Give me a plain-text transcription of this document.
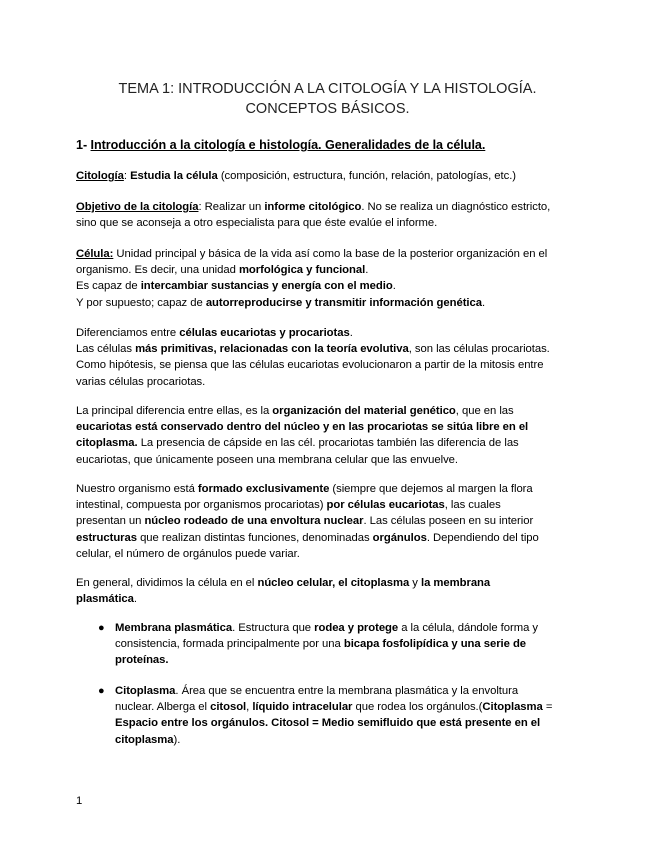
TEMA 1: INTRODUCCIÓN A LA CITOLOGÍA Y LA HISTOLOGÍA.
CONCEPTOS BÁSICOS.
1- Introducción a la citología e histología. Generalidades de la célula.
Citología: Estudia la célula (composición, estructura, función, relación, patologías, etc.)
Objetivo de la citología: Realizar un informe citológico. No se realiza un diagnóstico estricto,
sino que se aconseja a otro especialista para que éste evalúe el informe.
Célula: Unidad principal y básica de la vida así como la base de la posterior organización en el
organismo. Es decir, una unidad morfológica y funcional.
Es capaz de intercambiar sustancias y energía con el medio.
Y por supuesto; capaz de autorreproducirse y transmitir información genética.
Diferenciamos entre células eucariotas y procariotas.
Las células más primitivas, relacionadas con la teoría evolutiva, son las células procariotas.
Como hipótesis, se piensa que las células eucariotas evolucionaron a partir de la mitosis entre
varias células procariotas.
La principal diferencia entre ellas, es la organización del material genético, que en las
eucariotas está conservado dentro del núcleo y en las procariotas se sitúa libre en el
citoplasma. La presencia de cápside en las cél. procariotas también las diferencia de las
eucariotas, que únicamente poseen una membrana celular que las envuelve.
Nuestro organismo está formado exclusivamente (siempre que dejemos al margen la flora
intestinal, compuesta por organismos procariotas) por células eucariotas, las cuales
presentan un núcleo rodeado de una envoltura nuclear. Las células poseen en su interior
estructuras que realizan distintas funciones, denominadas orgánulos. Dependiendo del tipo
celular, el número de orgánulos puede variar.
En general, dividimos la célula en el núcleo celular, el citoplasma y la membrana
plasmática.
● Membrana plasmática. Estructura que rodea y protege a la célula, dándole forma y
consistencia, formada principalmente por una bicapa fosfolipídica y una serie de
proteínas.
● Citoplasma. Área que se encuentra entre la membrana plasmática y la envoltura
nuclear. Alberga el citosol, líquido intracelular que rodea los orgánulos.(Citoplasma =
Espacio entre los orgánulos. Citosol = Medio semifluido que está presente en el
citoplasma).
1
